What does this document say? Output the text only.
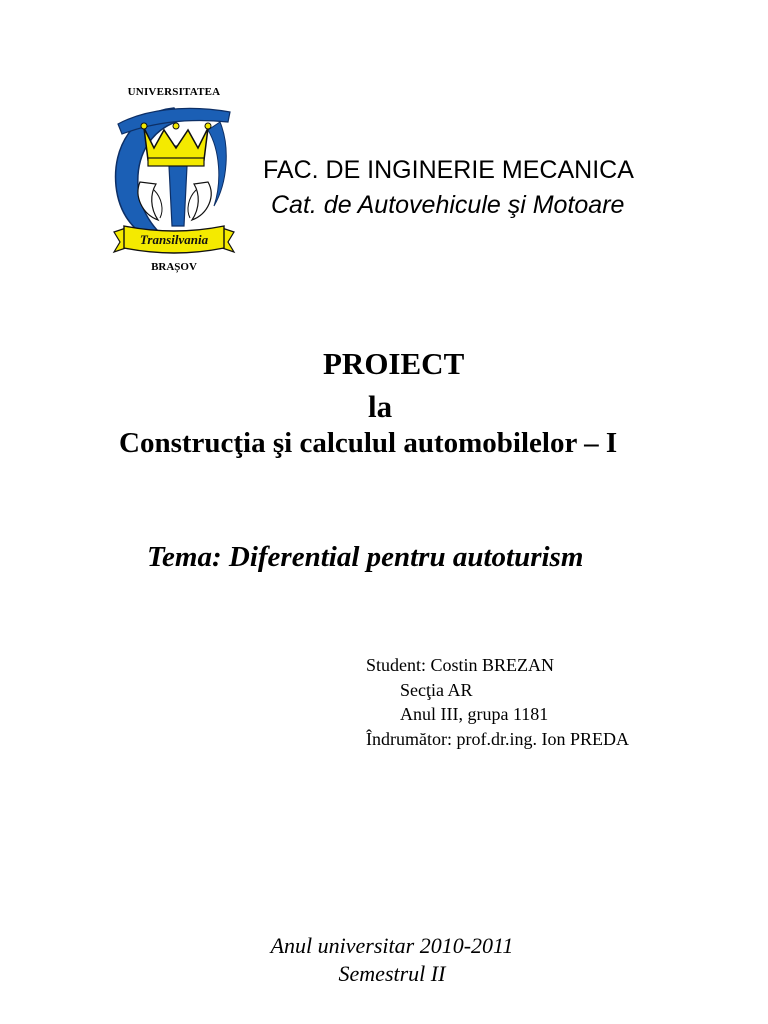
UNIVERSITATEA
Transilvania
BRAȘOV
FAC. DE INGINERIE MECANICA
Cat. de Autovehicule şi Motoare
PROIECT
la
Construcţia şi calculul automobilelor – I
Tema: Diferential pentru autoturism
Student: Costin BREZAN
Secţia AR
Anul III, grupa 1181
Îndrumător: prof.dr.ing. Ion PREDA
Anul universitar 2010-2011
Semestrul II
